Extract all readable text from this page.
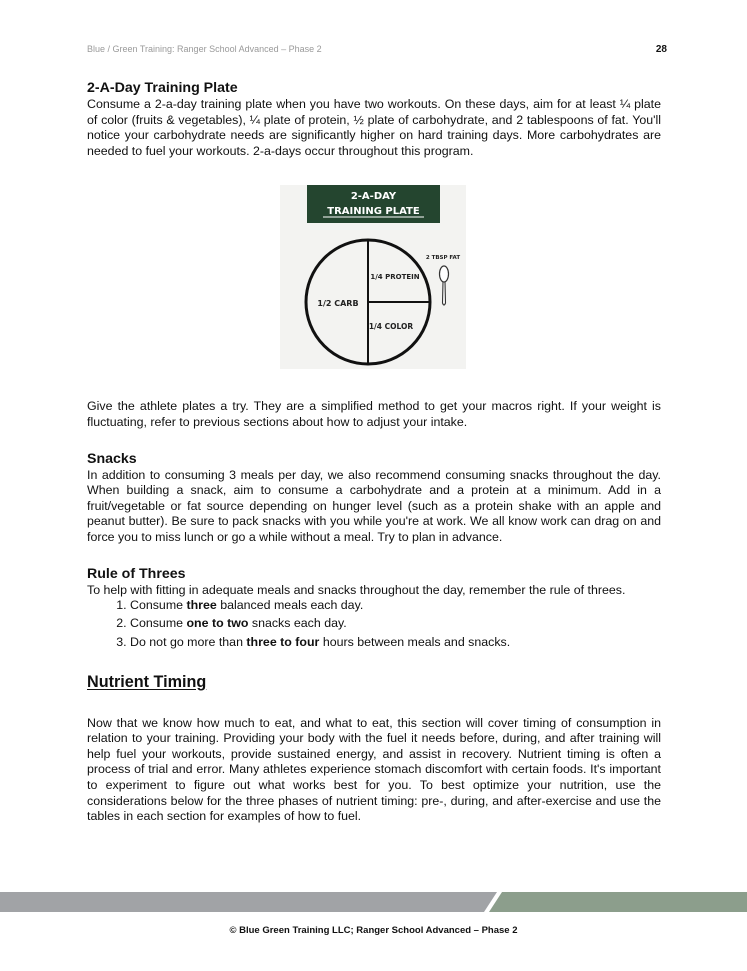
Blue / Green Training: Ranger School Advanced – Phase 2	28
2-A-Day Training Plate

Consume a 2-a-day training plate when you have two workouts. On these days, aim for at least ¼ plate of color (fruits & vegetables), ¼ plate of protein, ½ plate of carbohydrate, and 2 tablespoons of fat. You'll notice your carbohydrate needs are significantly higher on hard training days. More carbohydrates are needed to fuel your workouts. 2-a-days occur throughout this program.

2-A-DAY
TRAINING PLATE
1/2 CARB
1/4 PROTEIN
1/4 COLOR
2 TBSP FAT

Give the athlete plates a try. They are a simplified method to get your macros right. If your weight is fluctuating, refer to previous sections about how to adjust your intake.

Snacks

In addition to consuming 3 meals per day, we also recommend consuming snacks throughout the day. When building a snack, aim to consume a carbohydrate and a protein at a minimum. Add in a fruit/vegetable or fat source depending on hunger level (such as a protein shake with an apple and peanut butter). Be sure to pack snacks with you while you're at work. We all know work can drag on and force you to miss lunch or go a while without a meal. Try to plan in advance.

Rule of Threes

To help with fitting in adequate meals and snacks throughout the day, remember the rule of threes.

1. Consume three balanced meals each day.
2. Consume one to two snacks each day.
3. Do not go more than three to four hours between meals and snacks.
Nutrient Timing

Now that we know how much to eat, and what to eat, this section will cover timing of consumption in relation to your training. Providing your body with the fuel it needs before, during, and after training will help fuel your workouts, provide sustained energy, and assist in recovery. Nutrient timing is often a process of trial and error. Many athletes experience stomach discomfort with certain foods. It's important to experiment to figure out what works best for you. To best optimize your nutrition, use the considerations below for the three phases of nutrient timing: pre-, during, and after-exercise and use the tables in each section for examples of how to fuel.

© Blue Green Training LLC; Ranger School Advanced – Phase 2
